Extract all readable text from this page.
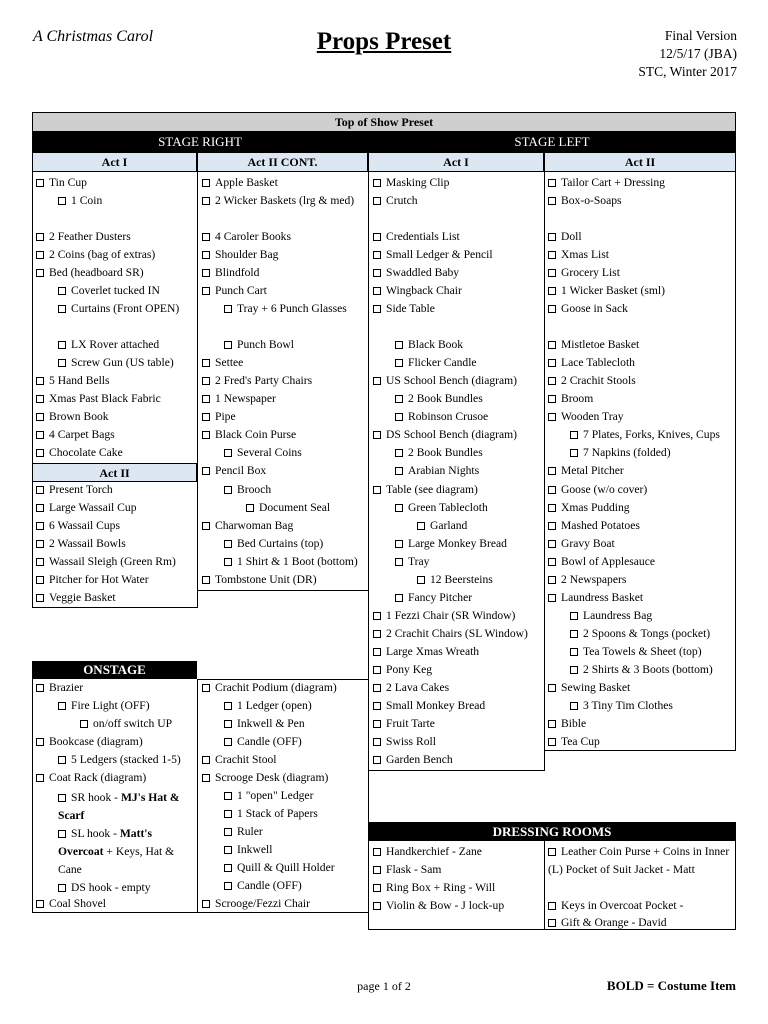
A Christmas Carol	Props Preset	Final Version
12/5/17 (JBA)
STC, Winter 2017
Top of Show Preset
STAGE RIGHT	STAGE LEFT
Act I	Act II CONT.	Act I	Act II
Act II
ONSTAGE
DRESSING ROOMS
Tin Cup
1 Coin
2 Feather Dusters
2 Coins (bag of extras)
Bed (headboard SR)
Coverlet tucked IN
Curtains (Front OPEN)
LX Rover attached
Screw Gun (US table)
5 Hand Bells
Xmas Past Black Fabric
Brown Book
4 Carpet Bags
Chocolate Cake
Present Torch
Large Wassail Cup
6 Wassail Cups
2 Wassail Bowls
Wassail Sleigh (Green Rm)
Pitcher for Hot Water
Veggie Basket
Apple Basket
2 Wicker Baskets (lrg & med)
4 Caroler Books
Shoulder Bag
Blindfold
Punch Cart
Tray + 6 Punch Glasses
Punch Bowl
Settee
2 Fred's Party Chairs
1 Newspaper
Pipe
Black Coin Purse
Several Coins
Pencil Box
Brooch
Document Seal
Charwoman Bag
Bed Curtains (top)
1 Shirt & 1 Boot (bottom)
Tombstone Unit (DR)
Masking Clip
Crutch
Credentials List
Small Ledger & Pencil
Swaddled Baby
Wingback Chair
Side Table
Black Book
Flicker Candle
US School Bench (diagram)
2 Book Bundles
Robinson Crusoe
DS School Bench (diagram)
2 Book Bundles
Arabian Nights
Table (see diagram)
Green Tablecloth
Garland
Large Monkey Bread
Tray
12 Beersteins
Fancy Pitcher
1 Fezzi Chair (SR Window)
2 Crachit Chairs (SL Window)
Large Xmas Wreath
Pony Keg
2 Lava Cakes
Small Monkey Bread
Fruit Tarte
Swiss Roll
Garden Bench
Tailor Cart + Dressing
Box-o-Soaps
Doll
Xmas List
Grocery List
1 Wicker Basket (sml)
Goose in Sack
Mistletoe Basket
Lace Tablecloth
2 Crachit Stools
Broom
Wooden Tray
7 Plates, Forks, Knives, Cups
7 Napkins (folded)
Metal Pitcher
Goose (w/o cover)
Xmas Pudding
Mashed Potatoes
Gravy Boat
Bowl of Applesauce
2 Newspapers
Laundress Basket
Laundress Bag
2 Spoons & Tongs (pocket)
Tea Towels & Sheet (top)
2 Shirts & 3 Boots (bottom)
Sewing Basket
3 Tiny Tim Clothes
Bible
Tea Cup
Brazier
Fire Light (OFF)
on/off switch UP
Bookcase (diagram)
5 Ledgers (stacked 1-5)
Coat Rack (diagram)
Coal Shovel
Crachit Podium (diagram)
1 Ledger (open)
Inkwell & Pen
Candle (OFF)
Crachit Stool
Scrooge Desk (diagram)
1 "open" Ledger
1 Stack of Papers
Ruler
Inkwell
Quill & Quill Holder
Candle (OFF)
Scrooge/Fezzi Chair
SR hook - MJ's Hat & Scarf
SL hook - Matt's Overcoat + Keys, Hat & Cane
DS hook - empty
Handkerchief - Zane
Flask - Sam
Ring Box + Ring - Will
Violin & Bow - J lock-up
Leather Coin Purse + Coins in Inner (L) Pocket of Suit Jacket - Matt
Keys in Overcoat Pocket -
Gift & Orange - David
page 1 of 2	BOLD = Costume Item
